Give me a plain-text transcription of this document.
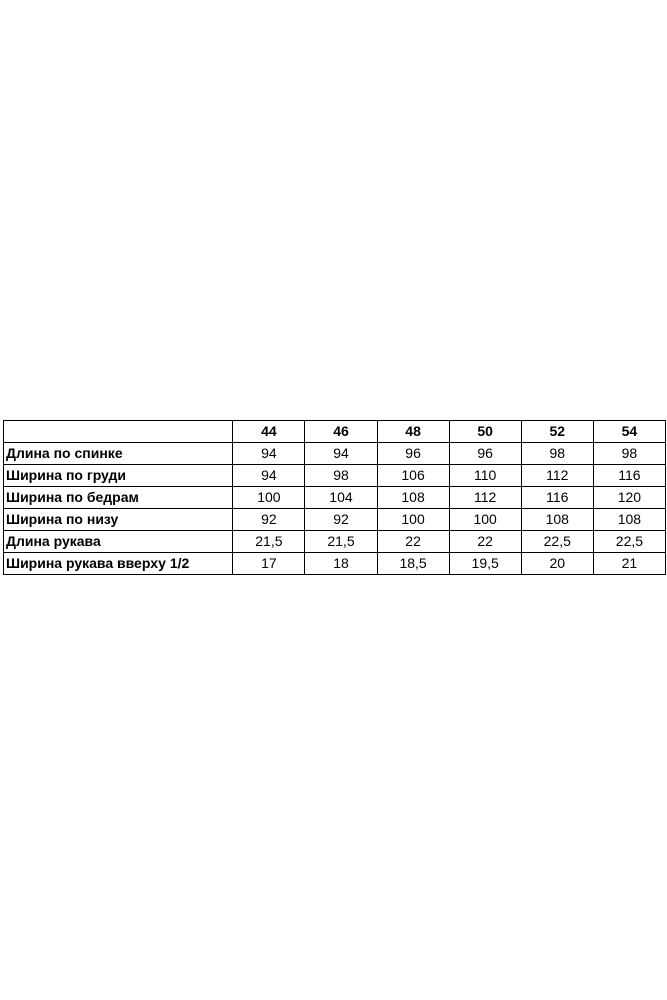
	44	46	48	50	52	54
Длина по спинке	94	94	96	96	98	98
Ширина по груди	94	98	106	110	112	116
Ширина по бедрам	100	104	108	112	116	120
Ширина по низу	92	92	100	100	108	108
Длина рукава	21,5	21,5	22	22	22,5	22,5
Ширина рукава вверху 1/2	17	18	18,5	19,5	20	21
